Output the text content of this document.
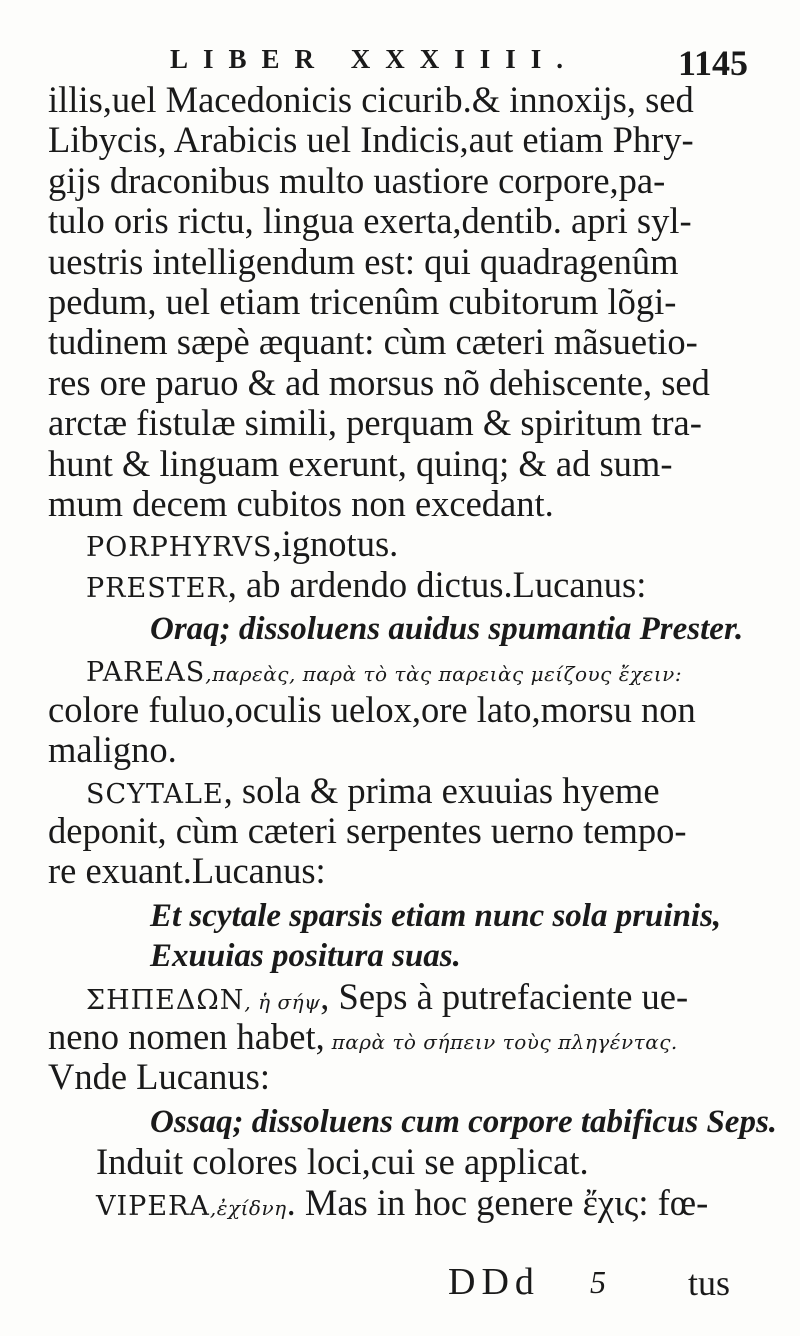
LIBER XXXIIII.	1145
illis,uel Macedonicis cicurib.& innoxijs, sed
Libycis, Arabicis uel Indicis,aut etiam Phry-
gijs draconibus multo uastiore corpore,pa-
tulo oris rictu, lingua exerta,dentib. apri syl-
uestris intelligendum est: qui quadragenûm
pedum, uel etiam tricenûm cubitorum lõgi-
tudinem sæpè æquant: cùm cæteri mãsuetio-
res ore paruo & ad morsus nõ dehiscente, sed
arctæ fistulæ simili, perquam & spiritum tra-
hunt & linguam exerunt, quinq; & ad sum-
mum decem cubitos non excedant.
PORPHYRVS,ignotus.
PRESTER, ab ardendo dictus.Lucanus:
Oraq; dissoluens auidus spumantia Prester.
PAREAS,παρεὰς, παρὰ τὸ τὰς παρειὰς μείζους ἔχειν:
colore fuluo,oculis uelox,ore lato,morsu non
maligno.
SCYTALE, sola & prima exuuias hyeme
deponit, cùm cæteri serpentes uerno tempo-
re exuant.Lucanus:
Et scytale sparsis etiam nunc sola pruinis,
Exuuias positura suas.
ΣΗΠΕΔΩΝ, ἡ σήψ, Seps à putrefaciente ue-
neno nomen habet, παρὰ τὸ σήπειν τοὺς πληγέντας.
Vnde Lucanus:
Ossaq; dissoluens cum corpore tabificus Seps.
Induit colores loci,cui se applicat.
VIPERA,ἐχίδνη. Mas in hoc genere ἔχις: fœ-
DDd 5 tus
